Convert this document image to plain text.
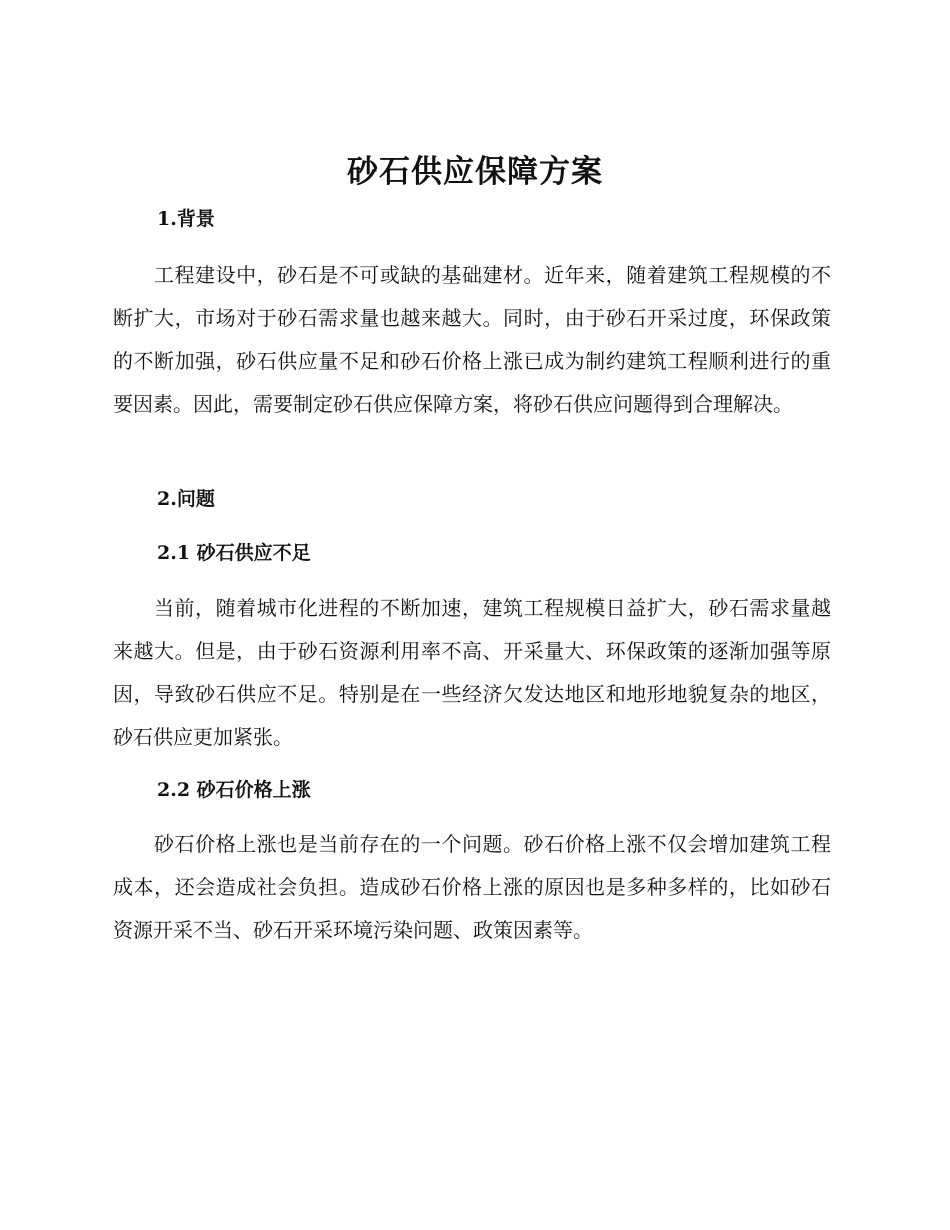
砂石供应保障方案
1.背景
工程建设中，砂石是不可或缺的基础建材。近年来，随着建筑工程规模的不断扩大，市场对于砂石需求量也越来越大。同时，由于砂石开采过度，环保政策的不断加强，砂石供应量不足和砂石价格上涨已成为制约建筑工程顺利进行的重要因素。因此，需要制定砂石供应保障方案，将砂石供应问题得到合理解决。
2.问题
2.1 砂石供应不足
当前，随着城市化进程的不断加速，建筑工程规模日益扩大，砂石需求量越来越大。但是，由于砂石资源利用率不高、开采量大、环保政策的逐渐加强等原因，导致砂石供应不足。特别是在一些经济欠发达地区和地形地貌复杂的地区，砂石供应更加紧张。
2.2 砂石价格上涨
砂石价格上涨也是当前存在的一个问题。砂石价格上涨不仅会增加建筑工程成本，还会造成社会负担。造成砂石价格上涨的原因也是多种多样的，比如砂石资源开采不当、砂石开采环境污染问题、政策因素等。
